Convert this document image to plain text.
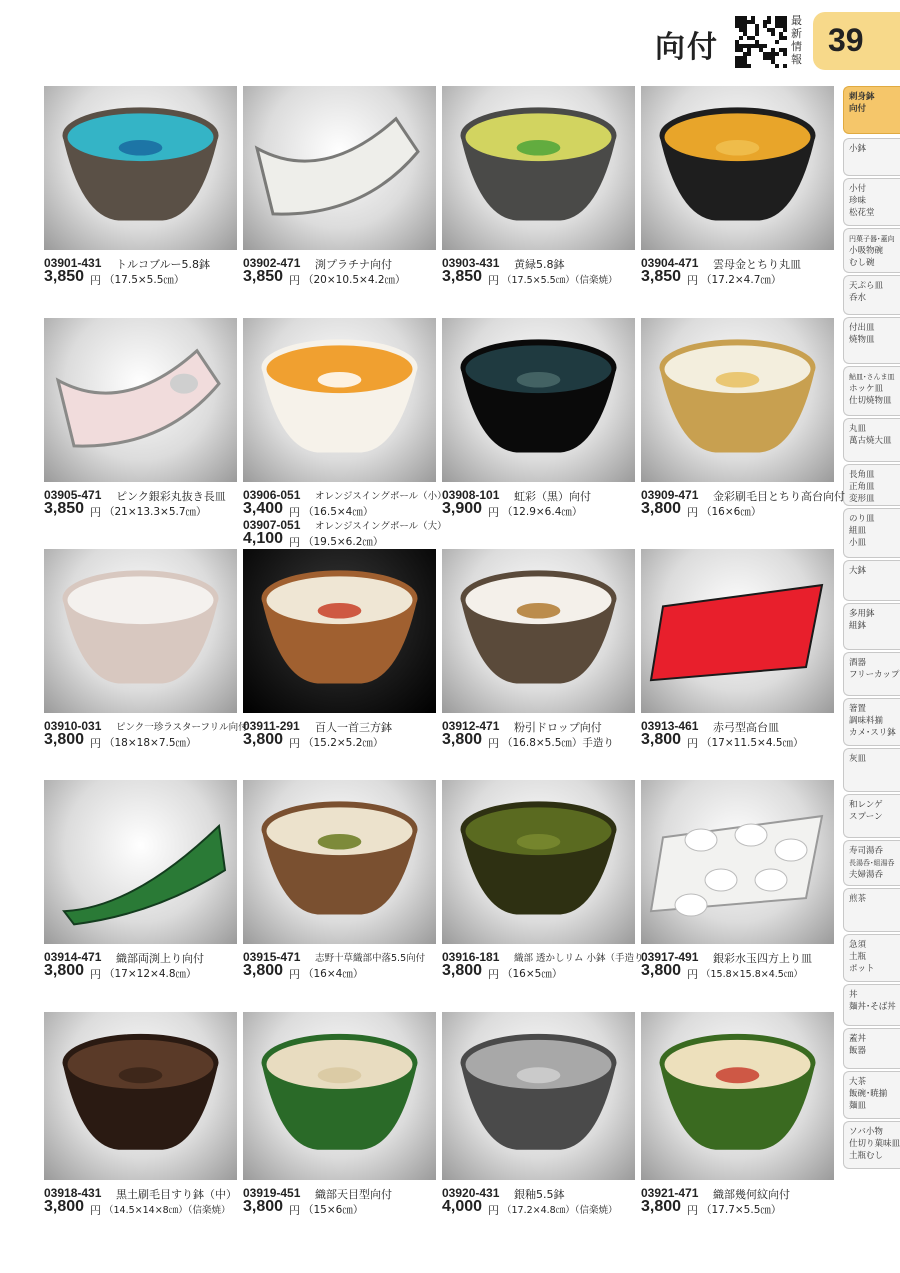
向付
最
新
情
報
39
刺身鉢
向付
小鉢
小付
珍味
松花堂
円菓子器･蓋向
小吸物碗
むし碗
天ぷら皿
呑水
付出皿
焼物皿
鮎皿･さんま皿
ホッケ皿
仕切焼物皿
丸皿
萬古焼大皿
長角皿
正角皿
変形皿
のり皿
組皿
小皿
大鉢
多用鉢
組鉢
酒器
フリーカップ
箸置
調味料揃
カメ･スリ鉢
灰皿
和レンゲ
スプーン
寿司湯呑
長湯呑･組湯呑
夫婦湯呑
煎茶
急須
土瓶
ポット
丼
麺丼･そば丼
蓋丼
飯器
大茶
飯碗･暁揃
麺皿
ソバ小物
仕切り菓味皿
土瓶むし
03901-431 トルコブルー5.8鉢
3,850 円 （17.5×5.5㎝）
03902-471 渕プラチナ向付
3,850 円 （20×10.5×4.2㎝）
03903-431 黄緑5.8鉢
3,850 円 （17.5×5.5㎝）（信楽焼）
03904-471 雲母金とちり丸皿
3,850 円 （17.2×4.7㎝）
03905-471 ピンク銀彩丸抜き長皿
3,850 円 （21×13.3×5.7㎝）
03906-051 オレンジスイングボール（小）
3,400 円 （16.5×4㎝）
03907-051 オレンジスイングボール（大）
4,100 円 （19.5×6.2㎝）
03908-101 虹彩（黒）向付
3,900 円 （12.9×6.4㎝）
03909-471 金彩刷毛目とちり高台向付
3,800 円 （16×6㎝）
03910-031 ピンク一珍ラスターフリル向付
3,800 円 （18×18×7.5㎝）
03911-291 百人一首三方鉢
3,800 円 （15.2×5.2㎝）
03912-471 粉引ドロップ向付
3,800 円 （16.8×5.5㎝）手造り
03913-461 赤弓型高台皿
3,800 円 （17×11.5×4.5㎝）
03914-471 織部両渕上り向付
3,800 円 （17×12×4.8㎝）
03915-471 志野十草織部中落5.5向付
3,800 円 （16×4㎝）
03916-181 織部 透かしリム 小鉢（手造り）
3,800 円 （16×5㎝）
03917-491 銀彩水玉四方上り皿
3,800 円 （15.8×15.8×4.5㎝）
03918-431 黒土刷毛目すり鉢（中）
3,800 円 （14.5×14×8㎝）（信楽焼）
03919-451 織部天目型向付
3,800 円 （15×6㎝）
03920-431 銀釉5.5鉢
4,000 円 （17.2×4.8㎝）（信楽焼）
03921-471 織部幾何紋向付
3,800 円 （17.7×5.5㎝）
